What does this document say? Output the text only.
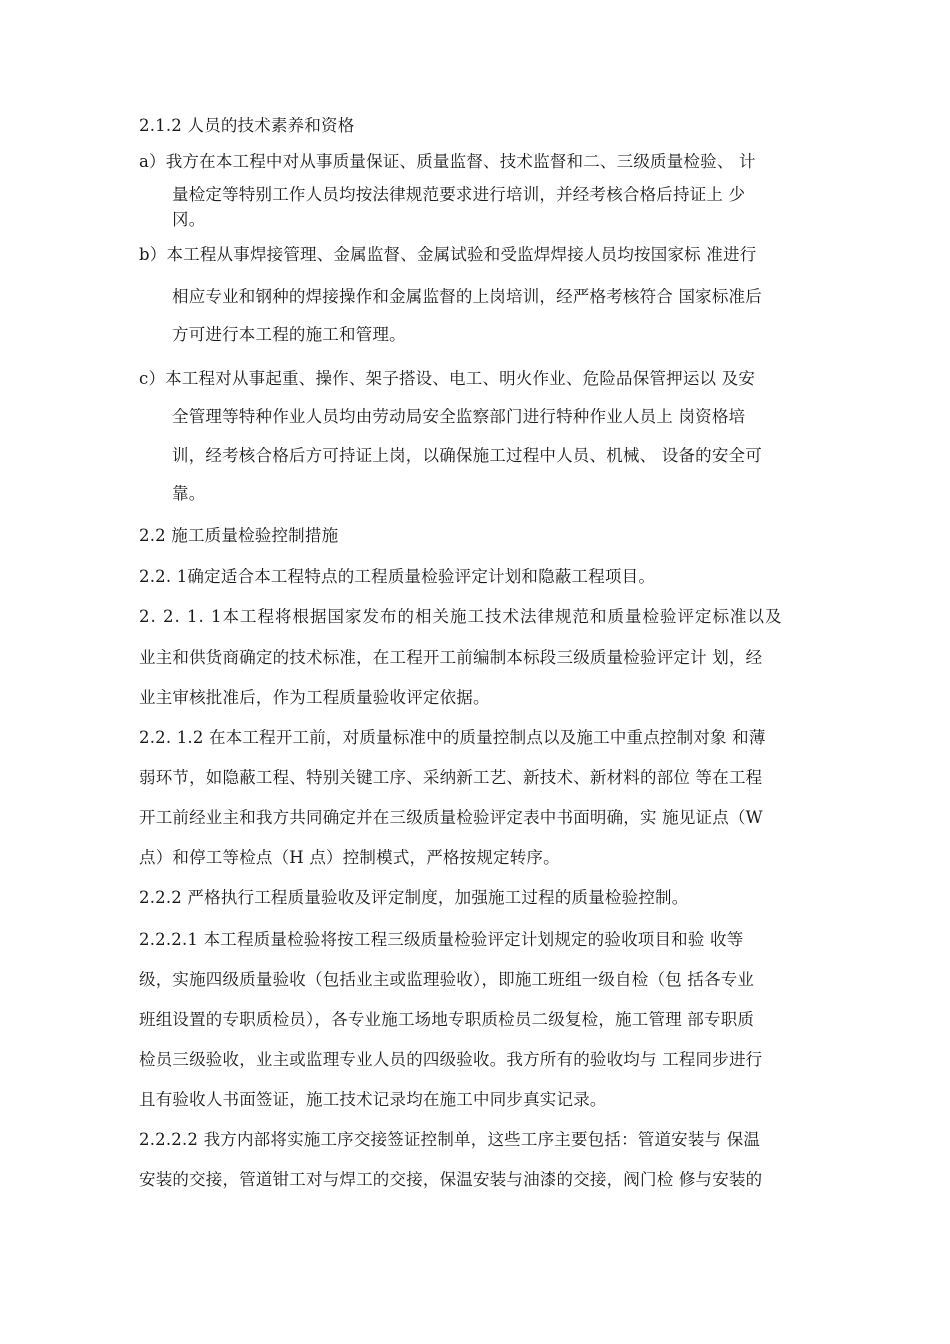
2.1.2 人员的技术素养和资格
a）我方在本工程中对从事质量保证、质量监督、技术监督和二、三级质量检验、 计
量检定等特别工作人员均按法律规范要求进行培训，并经考核合格后持证上 少
冈。
b）本工程从事焊接管理、金属监督、金属试验和受监焊焊接人员均按国家标 准进行
相应专业和钢种的焊接操作和金属监督的上岗培训，经严格考核符合 国家标准后
方可进行本工程的施工和管理。
c）本工程对从事起重、操作、架子搭设、电工、明火作业、危险品保管押运以 及安
全管理等特种作业人员均由劳动局安全监察部门进行特种作业人员上 岗资格培
训，经考核合格后方可持证上岗，以确保施工过程中人员、机械、 设备的安全可
靠。
2.2 施工质量检验控制措施
2.2. 1确定适合本工程特点的工程质量检验评定计划和隐蔽工程项目。
2. 2. 1. 1本工程将根据国家发布的相关施工技术法律规范和质量检验评定标准以及
业主和供货商确定的技术标准，在工程开工前编制本标段三级质量检验评定计 划，经
业主审核批准后，作为工程质量验收评定依据。
2.2. 1.2 在本工程开工前，对质量标准中的质量控制点以及施工中重点控制对象 和薄
弱环节，如隐蔽工程、特别关键工序、采纳新工艺、新技术、新材料的部位 等在工程
开工前经业主和我方共同确定并在三级质量检验评定表中书面明确，实 施见证点（W
点）和停工等检点（H 点）控制模式，严格按规定转序。
2.2.2 严格执行工程质量验收及评定制度，加强施工过程的质量检验控制。
2.2.2.1 本工程质量检验将按工程三级质量检验评定计划规定的验收项目和验 收等
级，实施四级质量验收（包括业主或监理验收），即施工班组一级自检（包 括各专业
班组设置的专职质检员），各专业施工场地专职质检员二级复检，施工管理 部专职质
检员三级验收，业主或监理专业人员的四级验收。我方所有的验收均与 工程同步进行
且有验收人书面签证，施工技术记录均在施工中同步真实记录。
2.2.2.2 我方内部将实施工序交接签证控制单，这些工序主要包括：管道安装与 保温
安装的交接，管道钳工对与焊工的交接，保温安装与油漆的交接，阀门检 修与安装的
